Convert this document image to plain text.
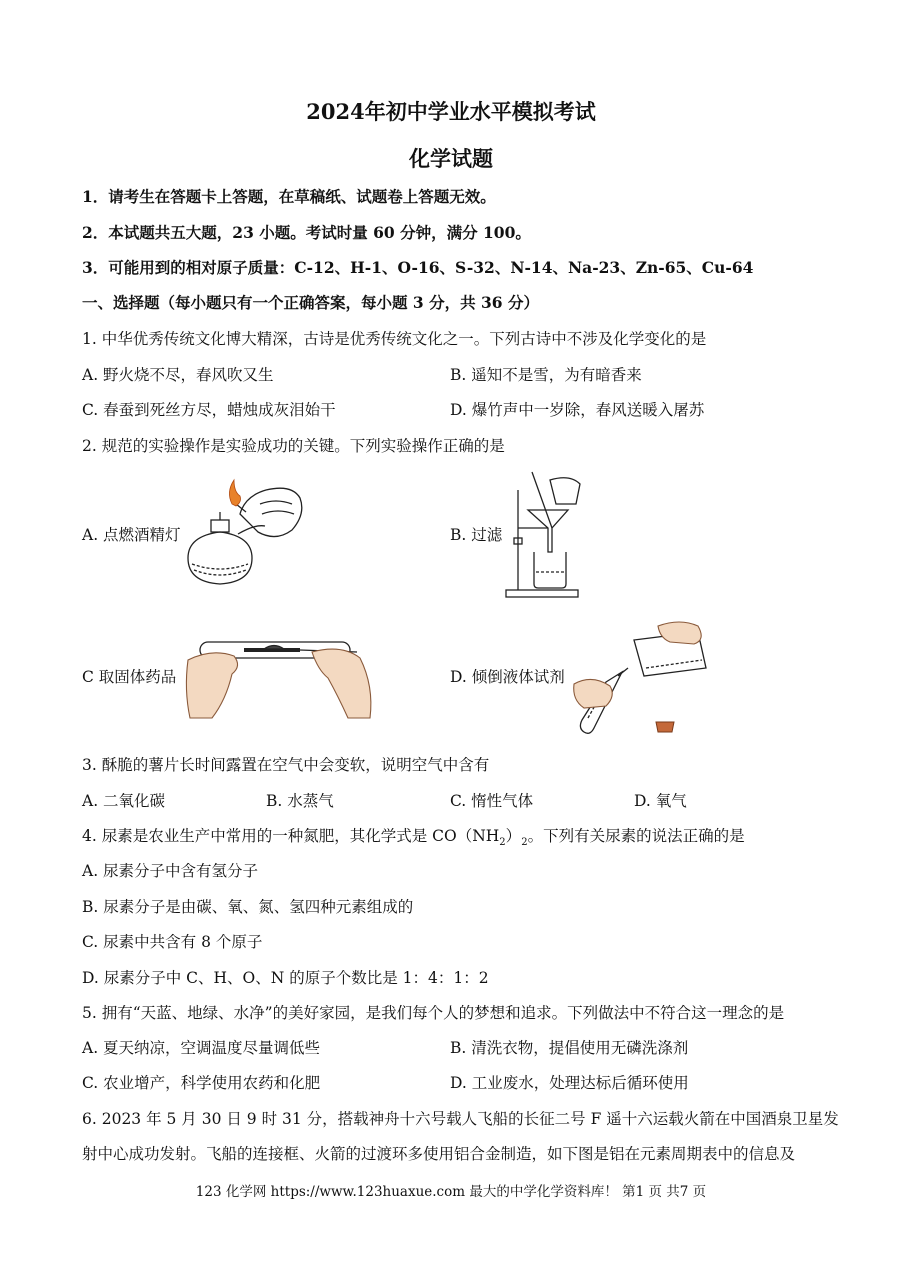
2024年初中学业水平模拟考试
化学试题
1．请考生在答题卡上答题，在草稿纸、试题卷上答题无效。
2．本试题共五大题，23 小题。考试时量 60 分钟，满分 100。
3．可能用到的相对原子质量：C-12、H-1、O-16、S-32、N-14、Na-23、Zn-65、Cu-64
一、选择题（每小题只有一个正确答案，每小题 3 分，共 36 分）
1. 中华优秀传统文化博大精深，古诗是优秀传统文化之一。下列古诗中不涉及化学变化的是
A. 野火烧不尽，春风吹又生	B. 遥知不是雪，为有暗香来
C. 春蚕到死丝方尽，蜡烛成灰泪始干	D. 爆竹声中一岁除，春风送暖入屠苏
2. 规范的实验操作是实验成功的关键。下列实验操作正确的是
A. 点燃酒精灯	B. 过滤
C 取固体药品	D. 倾倒液体试剂
3. 酥脆的薯片长时间露置在空气中会变软，说明空气中含有
A. 二氧化碳	B. 水蒸气	C. 惰性气体	D. 氧气
4. 尿素是农业生产中常用的一种氮肥，其化学式是 $CO(NH_2)_2$。下列有关尿素的说法正确的是
A. 尿素分子中含有氢分子
B. 尿素分子是由碳、氧、氮、氢四种元素组成的
C. 尿素中共含有 8 个原子
D. 尿素分子中 C、H、O、N 的原子个数比是 1：4：1：2
5. 拥有“天蓝、地绿、水净”的美好家园，是我们每个人的梦想和追求。下列做法中不符合这一理念的是
A. 夏天纳凉，空调温度尽量调低些	B. 清洗衣物，提倡使用无磷洗涤剂
C. 农业增产，科学使用农药和化肥	D. 工业废水，处理达标后循环使用
6. 2023 年 5 月 30 日 9 时 31 分，搭载神舟十六号载人飞船的长征二号 F 遥十六运载火箭在中国酒泉卫星发
射中心成功发射。飞船的连接框、火箭的过渡环多使用铝合金制造，如下图是铝在元素周期表中的信息及
123 化学网 https://www.123huaxue.com 最大的中学化学资料库！ 第1 页 共7 页
